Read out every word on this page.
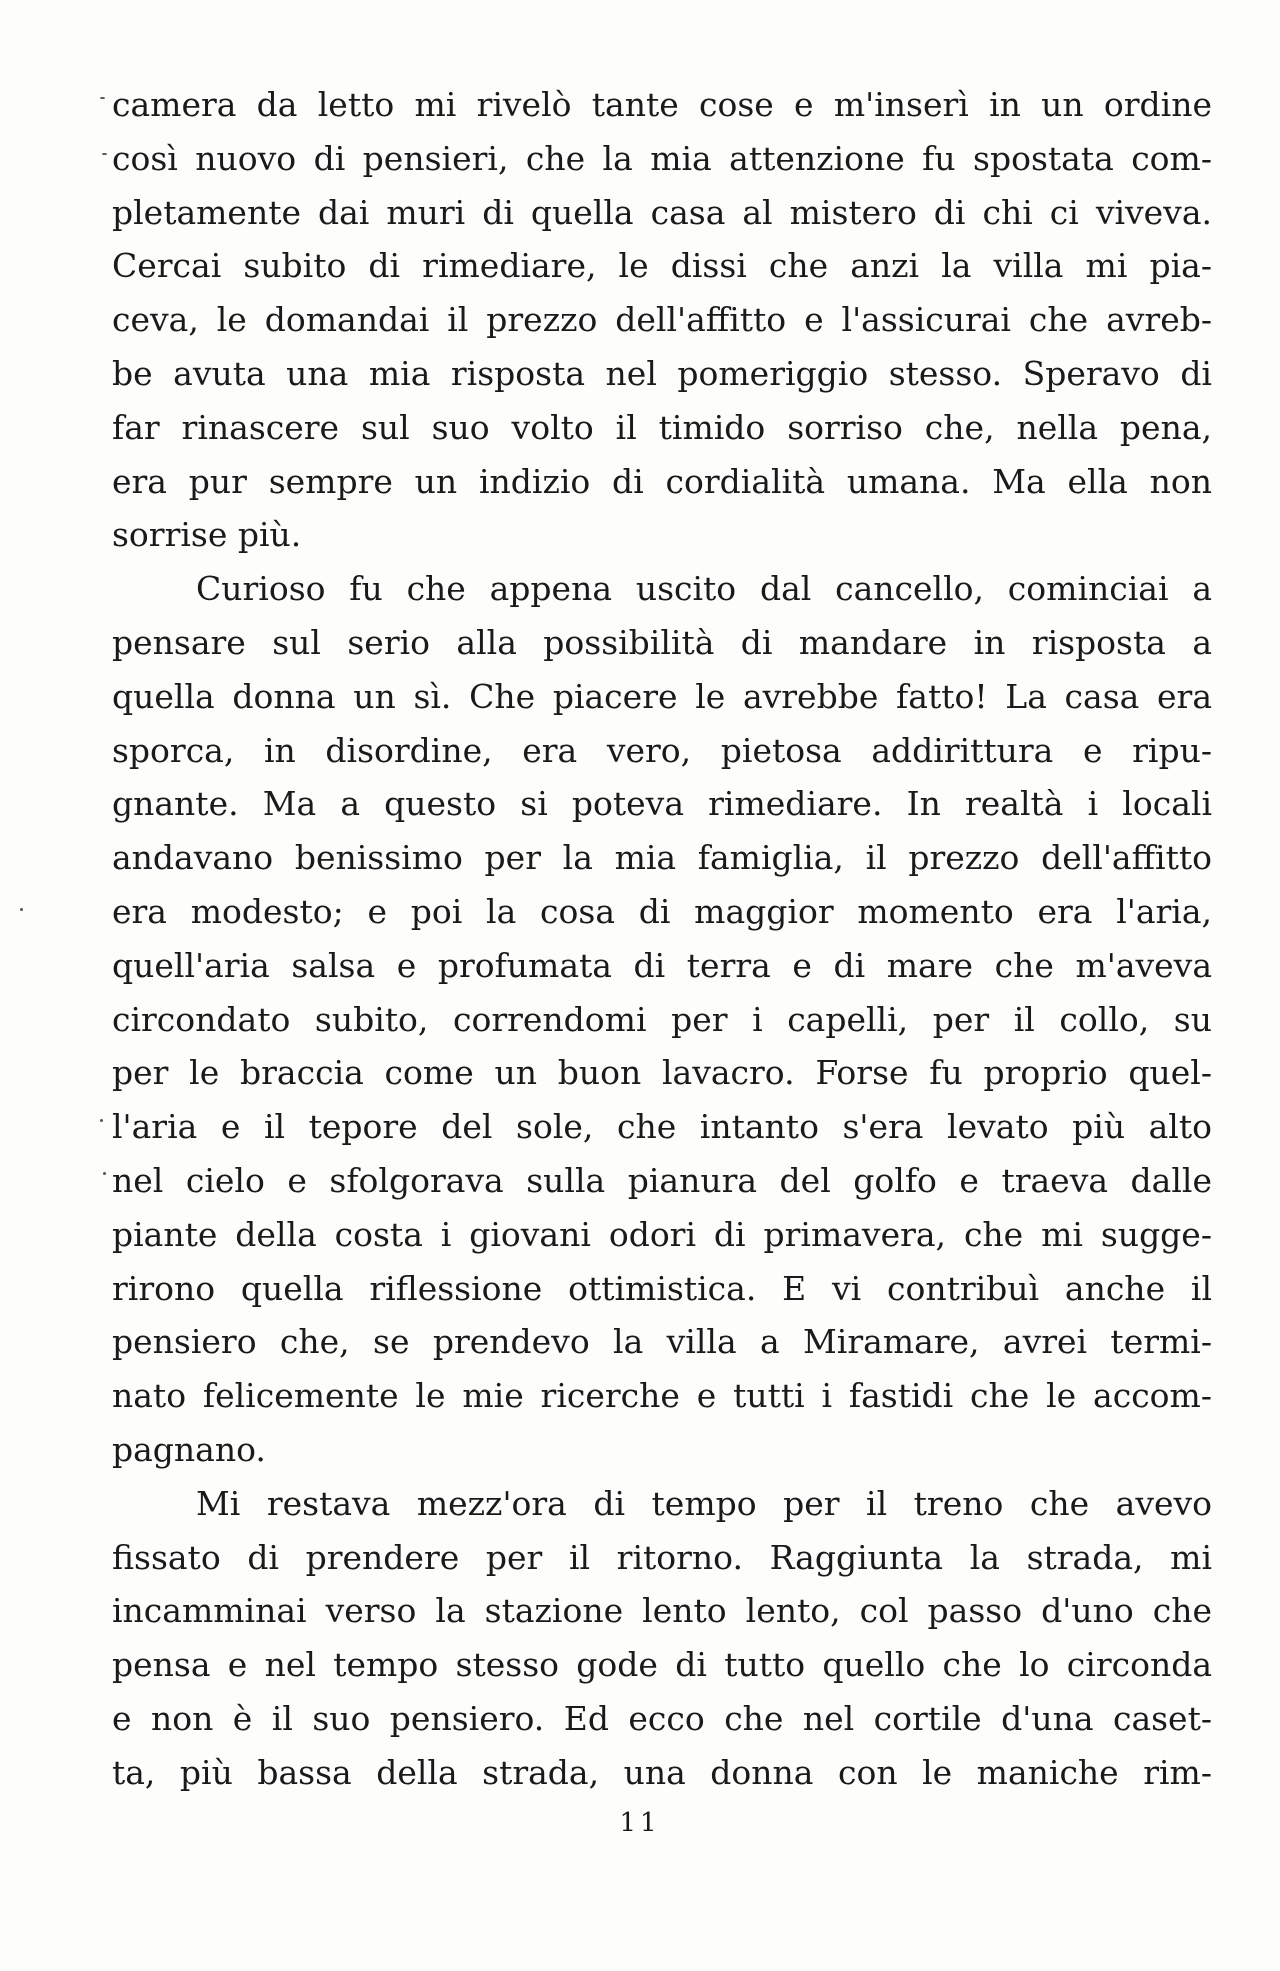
camera da letto mi rivelò tante cose e m'inserì in un ordine
così nuovo di pensieri, che la mia attenzione fu spostata com-
pletamente dai muri di quella casa al mistero di chi ci viveva.
Cercai subito di rimediare, le dissi che anzi la villa mi pia-
ceva, le domandai il prezzo dell'affitto e l'assicurai che avreb-
be avuta una mia risposta nel pomeriggio stesso. Speravo di
far rinascere sul suo volto il timido sorriso che, nella pena,
era pur sempre un indizio di cordialità umana. Ma ella non
sorrise più.
Curioso fu che appena uscito dal cancello, cominciai a
pensare sul serio alla possibilità di mandare in risposta a
quella donna un sì. Che piacere le avrebbe fatto! La casa era
sporca, in disordine, era vero, pietosa addirittura e ripu-
gnante. Ma a questo si poteva rimediare. In realtà i locali
andavano benissimo per la mia famiglia, il prezzo dell'affitto
era modesto; e poi la cosa di maggior momento era l'aria,
quell'aria salsa e profumata di terra e di mare che m'aveva
circondato subito, correndomi per i capelli, per il collo, su
per le braccia come un buon lavacro. Forse fu proprio quel-
l'aria e il tepore del sole, che intanto s'era levato più alto
nel cielo e sfolgorava sulla pianura del golfo e traeva dalle
piante della costa i giovani odori di primavera, che mi sugge-
rirono quella riflessione ottimistica. E vi contribuì anche il
pensiero che, se prendevo la villa a Miramare, avrei termi-
nato felicemente le mie ricerche e tutti i fastidi che le accom-
pagnano.
Mi restava mezz'ora di tempo per il treno che avevo
fissato di prendere per il ritorno. Raggiunta la strada, mi
incamminai verso la stazione lento lento, col passo d'uno che
pensa e nel tempo stesso gode di tutto quello che lo circonda
e non è il suo pensiero. Ed ecco che nel cortile d'una caset-
ta, più bassa della strada, una donna con le maniche rim-
11
